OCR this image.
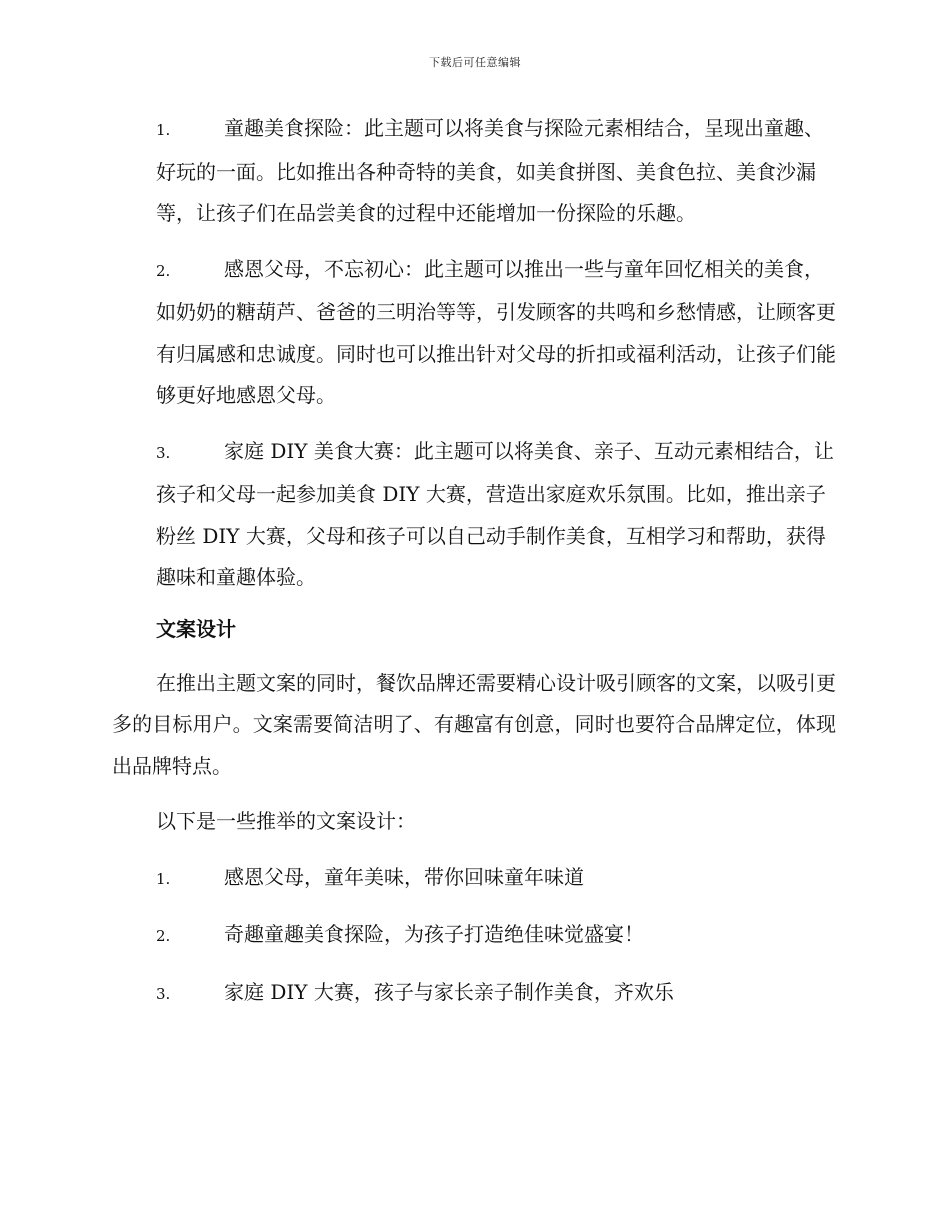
下载后可任意编辑
1.	童趣美食探险：此主题可以将美食与探险元素相结合，呈现出童趣、好玩的一面。比如推出各种奇特的美食，如美食拼图、美食色拉、美食沙漏等，让孩子们在品尝美食的过程中还能增加一份探险的乐趣。
2.	感恩父母，不忘初心：此主题可以推出一些与童年回忆相关的美食，如奶奶的糖葫芦、爸爸的三明治等等，引发顾客的共鸣和乡愁情感，让顾客更有归属感和忠诚度。同时也可以推出针对父母的折扣或福利活动，让孩子们能够更好地感恩父母。
3.	家庭 DIY 美食大赛：此主题可以将美食、亲子、互动元素相结合，让孩子和父母一起参加美食 DIY 大赛，营造出家庭欢乐氛围。比如，推出亲子粉丝 DIY 大赛，父母和孩子可以自己动手制作美食，互相学习和帮助，获得趣味和童趣体验。
文案设计

在推出主题文案的同时，餐饮品牌还需要精心设计吸引顾客的文案，以吸引更多的目标用户。文案需要简洁明了、有趣富有创意，同时也要符合品牌定位，体现出品牌特点。

以下是一些推举的文案设计：

1.	感恩父母，童年美味，带你回味童年味道
2.	奇趣童趣美食探险，为孩子打造绝佳味觉盛宴！
3.	家庭 DIY 大赛，孩子与家长亲子制作美食，齐欢乐
